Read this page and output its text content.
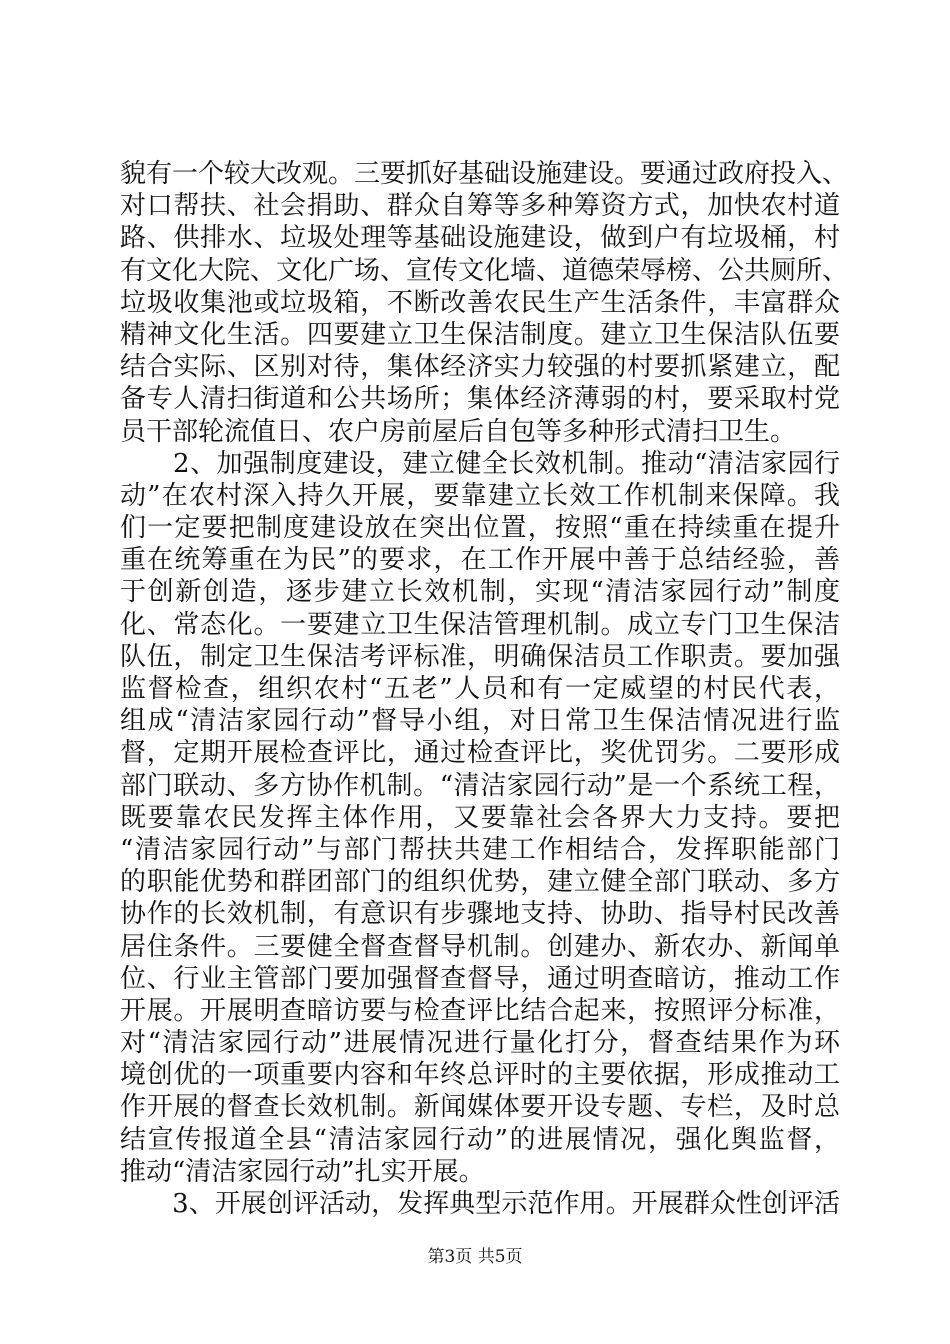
貌有一个较大改观。三要抓好基础设施建设。要通过政府投入、
对口帮扶、社会捐助、群众自筹等多种筹资方式，加快农村道
路、供排水、垃圾处理等基础设施建设，做到户有垃圾桶，村
有文化大院、文化广场、宣传文化墙、道德荣辱榜、公共厕所、
垃圾收集池或垃圾箱，不断改善农民生产生活条件，丰富群众
精神文化生活。四要建立卫生保洁制度。建立卫生保洁队伍要
结合实际、区别对待，集体经济实力较强的村要抓紧建立，配
备专人清扫街道和公共场所；集体经济薄弱的村，要采取村党
员干部轮流值日、农户房前屋后自包等多种形式清扫卫生。
　　2、加强制度建设，建立健全长效机制。推动“清洁家园行
动”在农村深入持久开展，要靠建立长效工作机制来保障。我
们一定要把制度建设放在突出位置，按照“重在持续重在提升
重在统筹重在为民”的要求，在工作开展中善于总结经验，善
于创新创造，逐步建立长效机制，实现“清洁家园行动”制度
化、常态化。一要建立卫生保洁管理机制。成立专门卫生保洁
队伍，制定卫生保洁考评标准，明确保洁员工作职责。要加强
监督检查，组织农村“五老”人员和有一定威望的村民代表，
组成“清洁家园行动”督导小组，对日常卫生保洁情况进行监
督，定期开展检查评比，通过检查评比，奖优罚劣。二要形成
部门联动、多方协作机制。“清洁家园行动”是一个系统工程，
既要靠农民发挥主体作用，又要靠社会各界大力支持。要把
“清洁家园行动”与部门帮扶共建工作相结合，发挥职能部门
的职能优势和群团部门的组织优势，建立健全部门联动、多方
协作的长效机制，有意识有步骤地支持、协助、指导村民改善
居住条件。三要健全督查督导机制。创建办、新农办、新闻单
位、行业主管部门要加强督查督导，通过明查暗访，推动工作
开展。开展明查暗访要与检查评比结合起来，按照评分标准，
对“清洁家园行动”进展情况进行量化打分，督查结果作为环
境创优的一项重要内容和年终总评时的主要依据，形成推动工
作开展的督查长效机制。新闻媒体要开设专题、专栏，及时总
结宣传报道全县“清洁家园行动”的进展情况，强化舆监督，
推动“清洁家园行动”扎实开展。
　　3、开展创评活动，发挥典型示范作用。开展群众性创评活
第3页 共5页
